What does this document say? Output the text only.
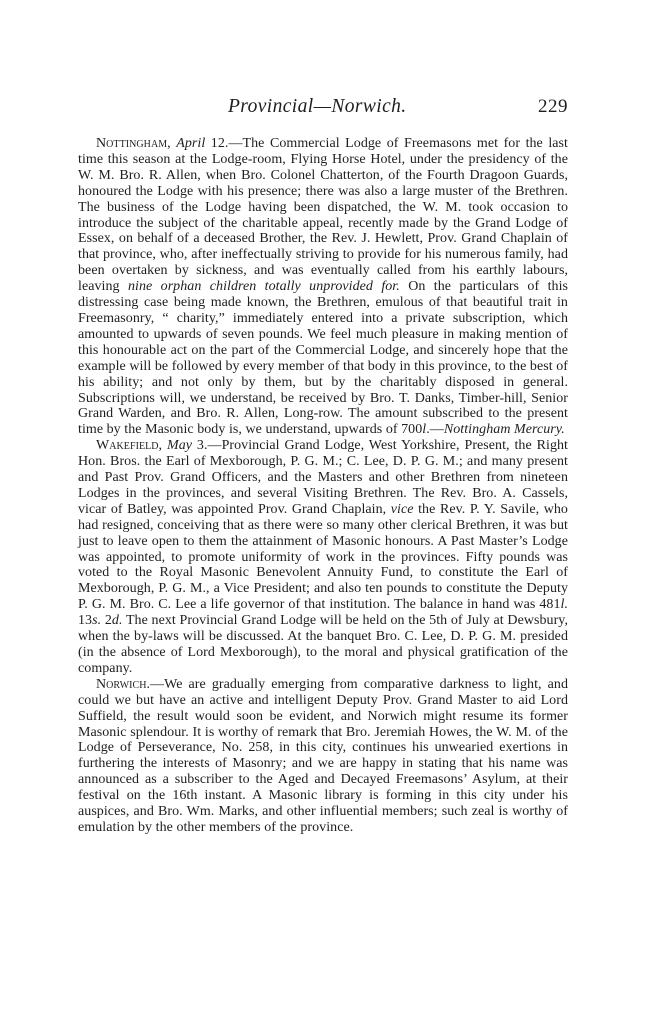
Provincial—Norwich.	229

Nottingham, April 12.—The Commercial Lodge of Freemasons met for the last time this season at the Lodge-room, Flying Horse Hotel, under the presidency of the W. M. Bro. R. Allen, when Bro. Colonel Chatterton, of the Fourth Dragoon Guards, honoured the Lodge with his presence; there was also a large muster of the Brethren. The business of the Lodge having been dispatched, the W. M. took occasion to introduce the subject of the charitable appeal, recently made by the Grand Lodge of Essex, on behalf of a deceased Brother, the Rev. J. Hewlett, Prov. Grand Chaplain of that province, who, after ineffectually striving to provide for his numerous family, had been overtaken by sickness, and was eventually called from his earthly labours, leaving nine orphan children totally unprovided for. On the particulars of this distressing case being made known, the Brethren, emulous of that beautiful trait in Freemasonry, “ charity,” immediately entered into a private subscription, which amounted to upwards of seven pounds. We feel much pleasure in making mention of this honourable act on the part of the Commercial Lodge, and sincerely hope that the example will be followed by every member of that body in this province, to the best of his ability; and not only by them, but by the charitably disposed in general. Subscriptions will, we understand, be received by Bro. T. Danks, Timber-hill, Senior Grand Warden, and Bro. R. Allen, Long-row. The amount subscribed to the present time by the Masonic body is, we understand, upwards of 700l.—Nottingham Mercury.

Wakefield, May 3.—Provincial Grand Lodge, West Yorkshire, Present, the Right Hon. Bros. the Earl of Mexborough, P. G. M.; C. Lee, D. P. G. M.; and many present and Past Prov. Grand Officers, and the Masters and other Brethren from nineteen Lodges in the provinces, and several Visiting Brethren. The Rev. Bro. A. Cassels, vicar of Batley, was appointed Prov. Grand Chaplain, vice the Rev. P. Y. Savile, who had resigned, conceiving that as there were so many other clerical Brethren, it was but just to leave open to them the attainment of Masonic honours. A Past Master’s Lodge was appointed, to promote uniformity of work in the provinces. Fifty pounds was voted to the Royal Masonic Benevolent Annuity Fund, to constitute the Earl of Mexborough, P. G. M., a Vice President; and also ten pounds to constitute the Deputy P. G. M. Bro. C. Lee a life governor of that institution. The balance in hand was 481l. 13s. 2d. The next Provincial Grand Lodge will be held on the 5th of July at Dewsbury, when the by-laws will be discussed. At the banquet Bro. C. Lee, D. P. G. M. presided (in the absence of Lord Mexborough), to the moral and physical gratification of the company.

Norwich.—We are gradually emerging from comparative darkness to light, and could we but have an active and intelligent Deputy Prov. Grand Master to aid Lord Suffield, the result would soon be evident, and Norwich might resume its former Masonic splendour. It is worthy of remark that Bro. Jeremiah Howes, the W. M. of the Lodge of Perseverance, No. 258, in this city, continues his unwearied exertions in furthering the interests of Masonry; and we are happy in stating that his name was announced as a subscriber to the Aged and Decayed Freemasons’ Asylum, at their festival on the 16th instant. A Masonic library is forming in this city under his auspices, and Bro. Wm. Marks, and other influential members; such zeal is worthy of emulation by the other members of the province.
